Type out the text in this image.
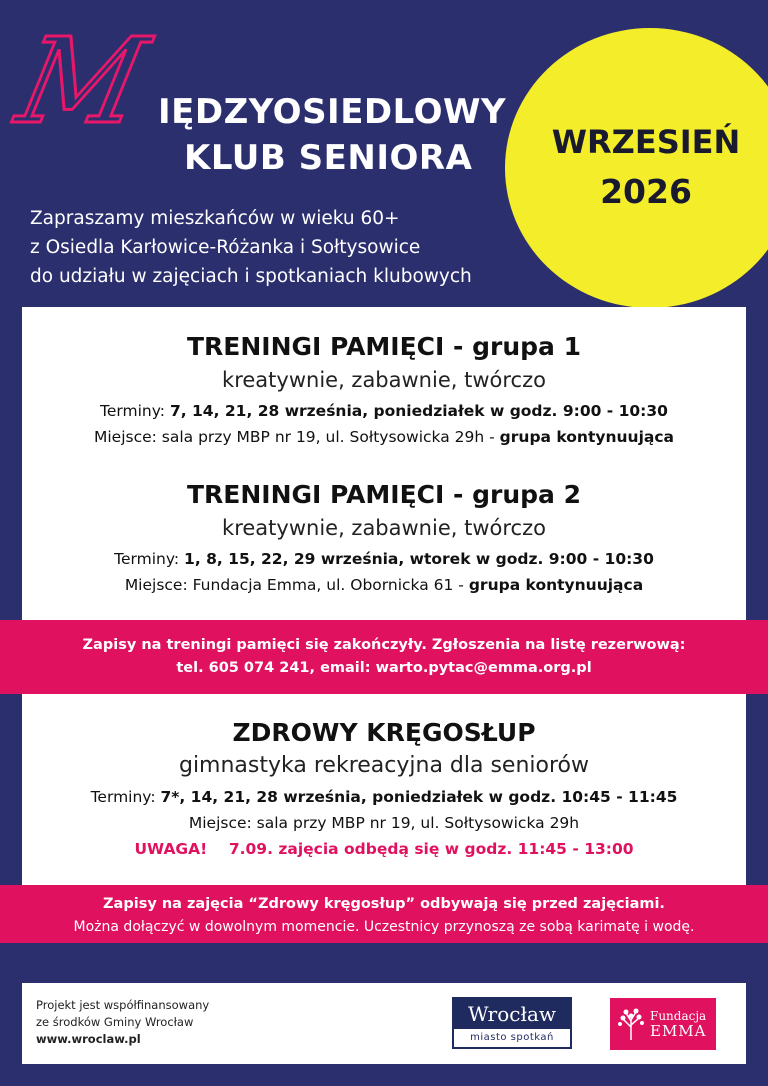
M IĘDZYOSIEDLOWY
KLUB SENIORA
Zapraszamy mieszkańców w wieku 60+
z Osiedla Karłowice-Różanka i Sołtysowice
do udziału w zajęciach i spotkaniach klubowych
WRZESIEŃ
2026
TRENINGI PAMIĘCI - grupa 1
kreatywnie, zabawnie, twórczo
Terminy: 7, 14, 21, 28 września, poniedziałek w godz. 9:00 - 10:30
Miejsce: sala przy MBP nr 19, ul. Sołtysowicka 29h - grupa kontynuująca
TRENINGI PAMIĘCI - grupa 2
kreatywnie, zabawnie, twórczo
Terminy: 1, 8, 15, 22, 29 września, wtorek w godz. 9:00 - 10:30
Miejsce: Fundacja Emma, ul. Obornicka 61 - grupa kontynuująca
Zapisy na treningi pamięci się zakończyły. Zgłoszenia na listę rezerwową:
tel. 605 074 241, email: warto.pytac@emma.org.pl
ZDROWY KRĘGOSŁUP
gimnastyka rekreacyjna dla seniorów
Terminy: 7*, 14, 21, 28 września, poniedziałek w godz. 10:45 - 11:45
Miejsce: sala przy MBP nr 19, ul. Sołtysowicka 29h
UWAGA! 7.09. zajęcia odbędą się w godz. 11:45 - 13:00
Zapisy na zajęcia “Zdrowy kręgosłup” odbywają się przed zajęciami.
Można dołączyć w dowolnym momencie. Uczestnicy przynoszą ze sobą karimatę i wodę.
Projekt jest współfinansowany
ze środków Gminy Wrocław
www.wroclaw.pl
Wrocław
miasto spotkań
Fundacja
EMMA
